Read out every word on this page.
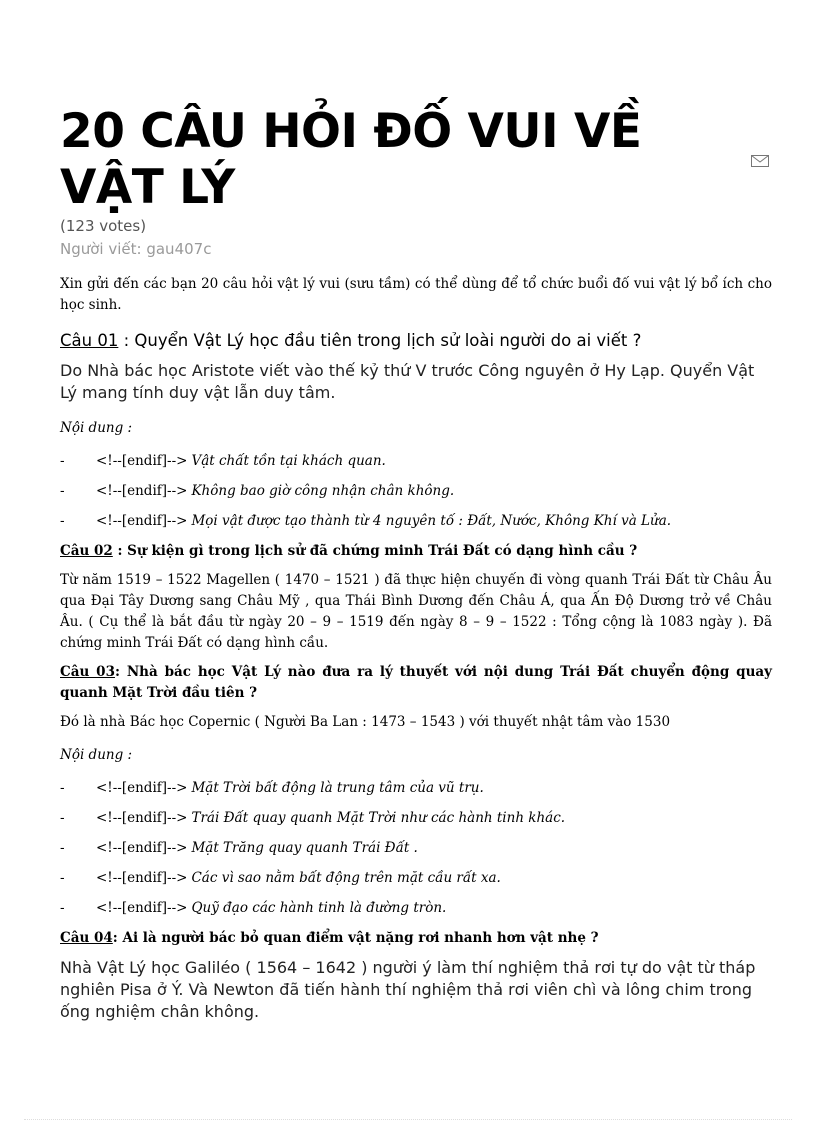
20 CÂU HỎI ĐỐ VUI VỀ VẬT LÝ
(123 votes)
Người viết: gau407c

Xin gửi đến các bạn 20 câu hỏi vật lý vui (sưu tầm) có thể dùng để tổ chức buổi đố vui vật lý bổ ích cho học sinh.

Câu 01 : Quyển Vật Lý học đầu tiên trong lịch sử loài người do ai viết ?

Do Nhà bác học Aristote viết vào thế kỷ thứ V trước Công nguyên ở Hy Lạp. Quyển Vật Lý mang tính duy vật lẫn duy tâm.

Nội dung :

-	<!--[endif]--> Vật chất tồn tại khách quan.
-	<!--[endif]--> Không bao giờ công nhận chân không.
-	<!--[endif]--> Mọi vật được tạo thành từ 4 nguyên tố : Đất, Nước, Không Khí và Lửa.

Câu 02 : Sự kiện gì trong lịch sử đã chứng minh Trái Đất có dạng hình cầu ?

Từ năm 1519 – 1522 Magellen ( 1470 – 1521 ) đã thực hiện chuyến đi vòng quanh Trái Đất từ Châu Âu qua Đại Tây Dương sang Châu Mỹ , qua Thái Bình Dương đến Châu Á, qua Ấn Độ Dương trở về Châu Âu. ( Cụ thể là bắt đầu từ ngày 20 – 9 – 1519 đến ngày 8 – 9 – 1522 : Tổng cộng là 1083 ngày ). Đã chứng minh Trái Đất có dạng hình cầu.

Câu 03: Nhà bác học Vật Lý nào đưa ra lý thuyết với nội dung Trái Đất chuyển động quay quanh Mặt Trời đầu tiên ?

Đó là nhà Bác học Copernic ( Người Ba Lan : 1473 – 1543 ) với thuyết nhật tâm vào 1530

Nội dung :

-	<!--[endif]--> Mặt Trời bất động là trung tâm của vũ trụ.
-	<!--[endif]--> Trái Đất quay quanh Mặt Trời như các hành tinh khác.
-	<!--[endif]--> Mặt Trăng quay quanh Trái Đất .
-	<!--[endif]--> Các vì sao nằm bất động trên mặt cầu rất xa.
-	<!--[endif]--> Quỹ đạo các hành tinh là đường tròn.

Câu 04: Ai là người bác bỏ quan điểm vật nặng rơi nhanh hơn vật nhẹ ?

Nhà Vật Lý học Galiléo ( 1564 – 1642 ) người ý làm thí nghiệm thả rơi tự do vật từ tháp nghiên Pisa ở Ý. Và Newton đã tiến hành thí nghiệm thả rơi viên chì và lông chim trong ống nghiệm chân không.
